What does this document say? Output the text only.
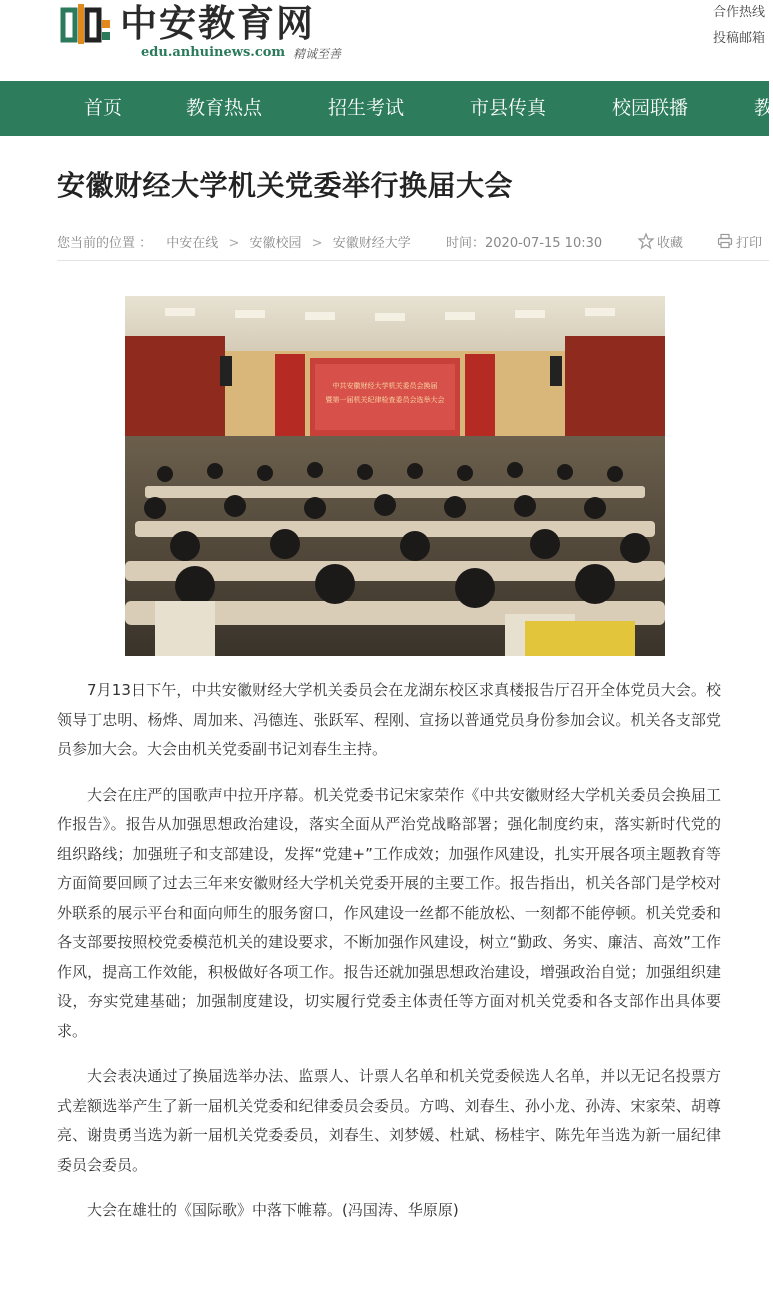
中安教育网
edu.anhuinews.com 精诚至善
合作热线
投稿邮箱
首页	教育热点	招生考试	市县传真	校园联播	教
安徽财经大学机关党委举行换届大会
您当前的位置 ： 中安在线 > 安徽校园 > 安徽财经大学	时间：2020-07-15 10:30	收藏	打印
中共安徽财经大学机关委员会换届
暨第一届机关纪律检查委员会选举大会

7月13日下午，中共安徽财经大学机关委员会在龙湖东校区求真楼报告厅召开全体党员大会。校领导丁忠明、杨烨、周加来、冯德连、张跃军、程刚、宣扬以普通党员身份参加会议。机关各支部党员参加大会。大会由机关党委副书记刘春生主持。

大会在庄严的国歌声中拉开序幕。机关党委书记宋家荣作《中共安徽财经大学机关委员会换届工作报告》。报告从加强思想政治建设，落实全面从严治党战略部署；强化制度约束，落实新时代党的组织路线；加强班子和支部建设，发挥“党建+”工作成效；加强作风建设，扎实开展各项主题教育等方面简要回顾了过去三年来安徽财经大学机关党委开展的主要工作。报告指出，机关各部门是学校对外联系的展示平台和面向师生的服务窗口，作风建设一丝都不能放松、一刻都不能停顿。机关党委和各支部要按照校党委模范机关的建设要求，不断加强作风建设，树立“勤政、务实、廉洁、高效”工作作风，提高工作效能，积极做好各项工作。报告还就加强思想政治建设，增强政治自觉；加强组织建设，夯实党建基础；加强制度建设，切实履行党委主体责任等方面对机关党委和各支部作出具体要求。

大会表决通过了换届选举办法、监票人、计票人名单和机关党委候选人名单，并以无记名投票方式差额选举产生了新一届机关党委和纪律委员会委员。方鸣、刘春生、孙小龙、孙涛、宋家荣、胡尊亮、谢贵勇当选为新一届机关党委委员，刘春生、刘梦媛、杜斌、杨桂宇、陈先年当选为新一届纪律委员会委员。

大会在雄壮的《国际歌》中落下帷幕。(冯国涛、华原原)
